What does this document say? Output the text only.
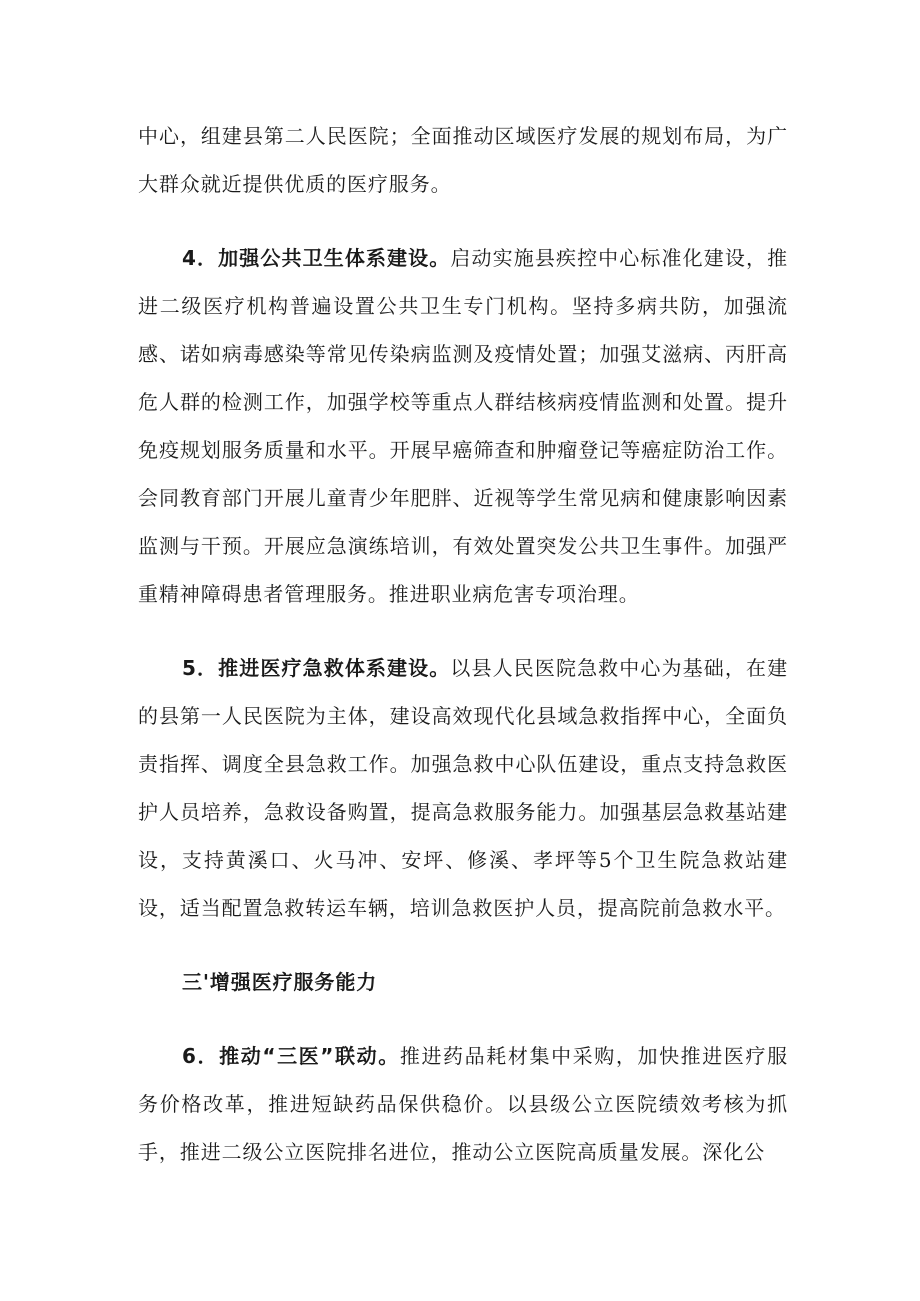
中心，组建县第二人民医院；全面推动区域医疗发展的规划布局，为广大群众就近提供优质的医疗服务。

4．加强公共卫生体系建设。启动实施县疾控中心标准化建设，推进二级医疗机构普遍设置公共卫生专门机构。坚持多病共防，加强流感、诺如病毒感染等常见传染病监测及疫情处置；加强艾滋病、丙肝高危人群的检测工作，加强学校等重点人群结核病疫情监测和处置。提升免疫规划服务质量和水平。开展早癌筛查和肿瘤登记等癌症防治工作。会同教育部门开展儿童青少年肥胖、近视等学生常见病和健康影响因素监测与干预。开展应急演练培训，有效处置突发公共卫生事件。加强严重精神障碍患者管理服务。推进职业病危害专项治理。

5．推进医疗急救体系建设。以县人民医院急救中心为基础，在建的县第一人民医院为主体，建设高效现代化县域急救指挥中心，全面负责指挥、调度全县急救工作。加强急救中心队伍建设，重点支持急救医护人员培养，急救设备购置，提高急救服务能力。加强基层急救基站建设，支持黄溪口、火马冲、安坪、修溪、孝坪等5个卫生院急救站建设，适当配置急救转运车辆，培训急救医护人员，提高院前急救水平。

三'增强医疗服务能力

6．推动“三医”联动。推进药品耗材集中采购，加快推进医疗服务价格改革，推进短缺药品保供稳价。以县级公立医院绩效考核为抓手，推进二级公立医院排名进位，推动公立医院高质量发展。深化公
